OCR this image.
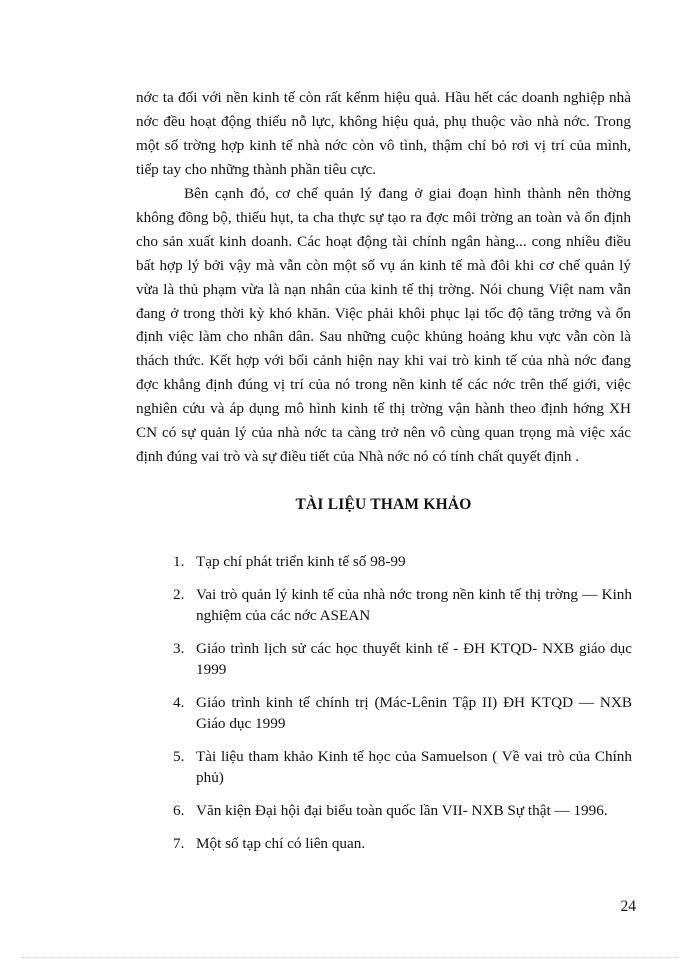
nớc ta đối với nền kinh tế còn rất kếnm hiệu quả. Hầu hết các doanh nghiệp nhà nớc đều hoạt động thiếu nỗ lực, không hiệu quả, phụ thuộc vào nhà nớc. Trong một số trờng hợp kinh tế nhà nớc còn vô tình, thậm chí bỏ rơi vị trí của mình, tiếp tay cho những thành phần tiêu cực.

Bên cạnh đó, cơ chế quản lý đang ở giai đoạn hình thành nên thờng không đồng bộ, thiếu hụt, ta cha thực sự tạo ra đợc môi trờng an toàn và ổn định cho sản xuất kinh doanh. Các hoạt động tài chính ngân hàng... cong nhiều điều bất hợp lý bởi vậy mà vẫn còn một số vụ án kinh tế mà đôi khi cơ chế quản lý vừa là thủ phạm vừa là nạn nhân của kinh tế thị trờng. Nói chung Việt nam vẫn đang ở trong thời kỳ khó khăn. Việc phải khôi phục lại tốc độ tăng trởng và ổn định việc làm cho nhân dân. Sau những cuộc khủng hoảng khu vực vẫn còn là thách thức. Kết hợp với bối cảnh hiện nay khi vai trò kinh tế của nhà nớc đang đợc khẳng định đúng vị trí của nó trong nền kinh tế các nớc trên thế giới, việc nghiên cứu và áp dụng mô hình kinh tế thị trờng vận hành theo định hớng XH CN có sự quản lý của nhà nớc ta càng trở nên vô cùng quan trọng mà việc xác định đúng vai trò và sự điều tiết của Nhà nớc nó có tính chất quyết định .

TÀI LIỆU THAM KHẢO
1. Tạp chí phát triển kinh tế số 98-99
2. Vai trò quản lý kinh tế của nhà nớc trong nền kinh tế thị trờng — Kinh nghiệm của các nớc ASEAN
3. Giáo trình lịch sử các học thuyết kinh tế - ĐH KTQD- NXB giáo dục 1999
4. Giáo trình kinh tế chính trị (Mác-Lênin Tập II) ĐH KTQD — NXB Giáo dục 1999
5. Tài liệu tham khảo Kinh tế học của Samuelson ( Về vai trò của Chính phủ)
6. Văn kiện Đại hội đại biểu toàn quốc lần VII- NXB Sự thật — 1996.
7. Một số tạp chí có liên quan.
24
